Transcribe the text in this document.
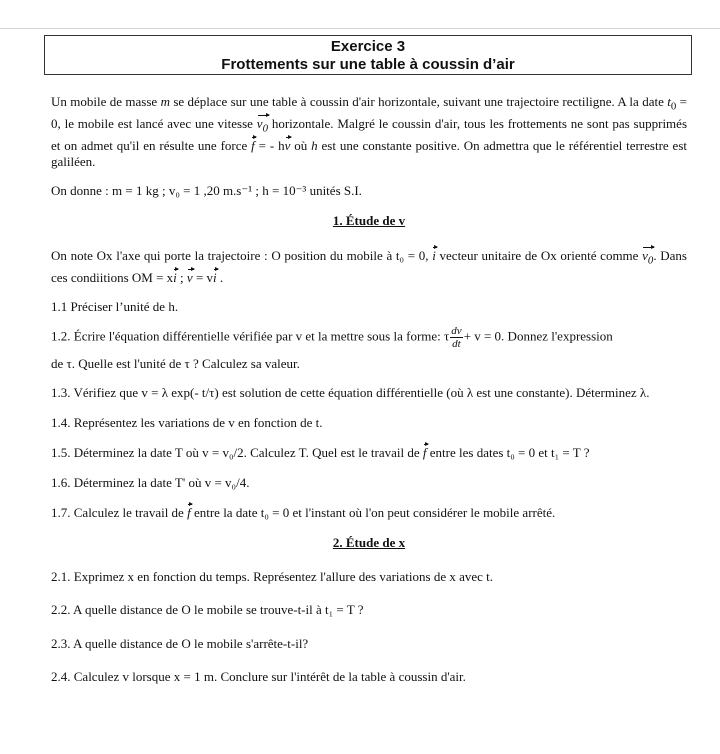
Exercice 3
Frottements sur une table à coussin d’air

Un mobile de masse m se déplace sur une table à coussin d'air horizontale, suivant une trajectoire rectiligne. A la date $t_0 = 0$, le mobile est lancé avec une vitesse $v_0$ horizontale. Malgré le coussin d'air, tous les frottements ne sont pas supprimés et on admet qu'il en résulte une force f = - hv où h est une constante positive. On admettra que le référentiel terrestre est galiléen.

On donne : m = 1 kg ; v₀ = 1 ,20 m.s⁻¹ ; h = 10⁻³ unités S.I.

1. Étude de v

On note Ox l'axe qui porte la trajectoire : O position du mobile à t₀ = 0, i vecteur unitaire de Ox orienté comme $v_0$. Dans ces condiitions OM = xi ; v = vi .

1.1 Préciser l’unité de h.

1.2. Écrire l'équation différentielle vérifiée par v et la mettre sous la forme: τ $\frac{dv}{dt} + v = 0$. Donnez l'expression

de τ. Quelle est l'unité de τ ? Calculez sa valeur.

1.3. Vérifiez que v = λ exp(- t/τ) est solution de cette équation différentielle (où λ est une constante). Déterminez λ.

1.4. Représentez les variations de v en fonction de t.

1.5. Déterminez la date T où v = v₀/2. Calculez T. Quel est le travail de f entre les dates t₀ = 0 et t₁ = T ?

1.6. Déterminez la date T' où v = v₀/4.

1.7. Calculez le travail de f entre la date t₀ = 0 et l'instant où l'on peut considérer le mobile arrêté.

2. Étude de x

2.1. Exprimez x en fonction du temps. Représentez l'allure des variations de x avec t.

2.2. A quelle distance de O le mobile se trouve-t-il à t₁ = T ?

2.3. A quelle distance de O le mobile s'arrête-t-il?

2.4. Calculez v lorsque x = 1 m. Conclure sur l'intérêt de la table à coussin d'air.
